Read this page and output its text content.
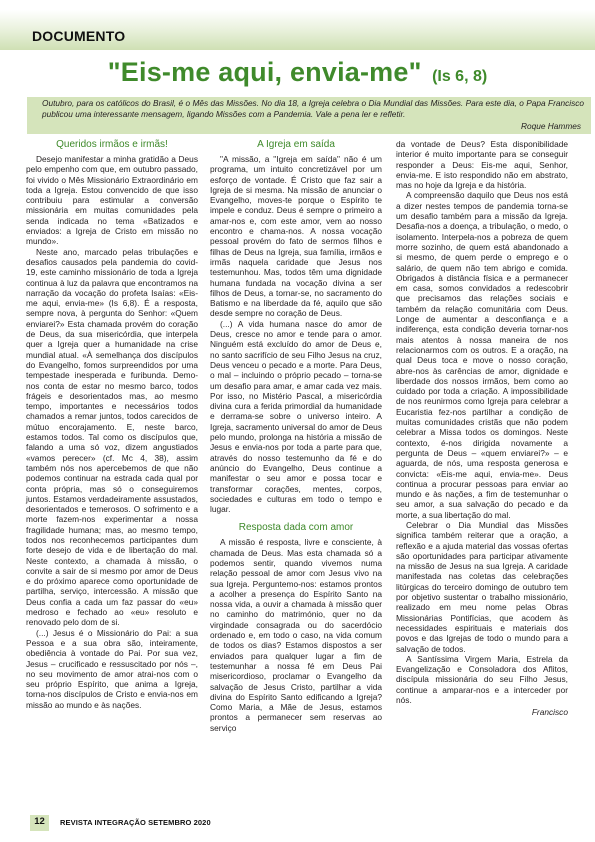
DOCUMENTO
"Eis-me aqui, envia-me" (Is 6, 8)
Outubro, para os católicos do Brasil, é o Mês das Missões. No dia 18, a Igreja celebra o Dia Mundial das Missões. Para este dia, o Papa Francisco publicou uma interessante mensagem, ligando Missões com a Pandemia. Vale a pena ler e refletir.
Roque Hammes
Queridos irmãos e irmãs!

Desejo manifestar a minha gratidão a Deus pelo empenho com que, em outubro passado, foi vivido o Mês Missionário Extraordinário em toda a Igreja. Estou convencido de que isso contribuiu para estimular a conversão missionária em muitas comunidades pela senda indicada no tema «Batizados e enviados: a Igreja de Cristo em missão no mundo».

Neste ano, marcado pelas tribulações e desafios causados pela pandemia do covid-19, este caminho missionário de toda a Igreja continua à luz da palavra que encontramos na narração da vocação do profeta Isaías: «Eis-me aqui, envia-me» (Is 6,8). É a resposta, sempre nova, à pergunta do Senhor: «Quem enviarei?» Esta chamada provém do coração de Deus, da sua misericórdia, que interpela quer a Igreja quer a humanidade na crise mundial atual. «À semelhança dos discípulos do Evangelho, fomos surpreendidos por uma tempestade inesperada e furibunda. Demo-nos conta de estar no mesmo barco, todos frágeis e desorientados mas, ao mesmo tempo, importantes e necessários todos chamados a remar juntos, todos carecidos de mútuo encorajamento. E, neste barco, estamos todos. Tal como os discípulos que, falando a uma só voz, dizem angustiados «vamos perecer» (cf. Mc 4, 38), assim também nós nos apercebemos de que não podemos continuar na estrada cada qual por conta própria, mas só o conseguiremos juntos. Estamos verdadeiramente assustados, desorientados e temerosos. O sofrimento e a morte fazem-nos experimentar a nossa fragilidade humana; mas, ao mesmo tempo, todos nos reconhecemos participantes dum forte desejo de vida e de libertação do mal. Neste contexto, a chamada à missão, o convite a sair de si mesmo por amor de Deus e do próximo aparece como oportunidade de partilha, serviço, intercessão. A missão que Deus confia a cada um faz passar do «eu» medroso e fechado ao «eu» resoluto e renovado pelo dom de si.

(...) Jesus é o Missionário do Pai: a sua Pessoa e a sua obra são, inteiramente, obediência à vontade do Pai. Por sua vez, Jesus – crucificado e ressuscitado por nós –, no seu movimento de amor atrai-nos com o seu próprio Espírito, que anima a Igreja, torna-nos discípulos de Cristo e envia-nos em missão ao mundo e às nações.

A Igreja em saída

"A missão, a "Igreja em saída" não é um programa, um intuito concretizável por um esforço de vontade. É Cristo que faz sair a Igreja de si mesma. Na missão de anunciar o Evangelho, moves-te porque o Espírito te impele e conduz. Deus é sempre o primeiro a amar-nos e, com este amor, vem ao nosso encontro e chama-nos. A nossa vocação pessoal provém do fato de sermos filhos e filhas de Deus na Igreja, sua família, irmãos e irmãs naquela caridade que Jesus nos testemunhou. Mas, todos têm uma dignidade humana fundada na vocação divina a ser filhos de Deus, a tornar-se, no sacramento do Batismo e na liberdade da fé, aquilo que são desde sempre no coração de Deus.

(...) A vida humana nasce do amor de Deus, cresce no amor e tende para o amor. Ninguém está excluído do amor de Deus e, no santo sacrifício de seu Filho Jesus na cruz, Deus venceu o pecado e a morte. Para Deus, o mal – incluindo o próprio pecado – torna-se um desafio para amar, e amar cada vez mais. Por isso, no Mistério Pascal, a misericórdia divina cura a ferida primordial da humanidade e derrama-se sobre o universo inteiro. A Igreja, sacramento universal do amor de Deus pelo mundo, prolonga na história a missão de Jesus e envia-nos por toda a parte para que, através do nosso testemunho da fé e do anúncio do Evangelho, Deus continue a manifestar o seu amor e possa tocar e transformar corações, mentes, corpos, sociedades e culturas em todo o tempo e lugar.

Resposta dada com amor

A missão é resposta, livre e consciente, à chamada de Deus. Mas esta chamada só a podemos sentir, quando vivemos numa relação pessoal de amor com Jesus vivo na sua Igreja. Perguntemo-nos: estamos prontos a acolher a presença do Espírito Santo na nossa vida, a ouvir a chamada à missão quer no caminho do matrimónio, quer no da virgindade consagrada ou do sacerdócio ordenado e, em todo o caso, na vida comum de todos os dias? Estamos dispostos a ser enviados para qualquer lugar a fim de testemunhar a nossa fé em Deus Pai misericordioso, proclamar o Evangelho da salvação de Jesus Cristo, partilhar a vida divina do Espírito Santo edificando a Igreja? Como Maria, a Mãe de Jesus, estamos prontos a permanecer sem reservas ao serviço

da vontade de Deus? Esta disponibilidade interior é muito importante para se conseguir responder a Deus: Eis-me aqui, Senhor, envia-me. E isto respondido não em abstrato, mas no hoje da Igreja e da história.

A compreensão daquilo que Deus nos está a dizer nestes tempos de pandemia torna-se um desafio também para a missão da Igreja. Desafia-nos a doença, a tribulação, o medo, o isolamento. Interpela-nos a pobreza de quem morre sozinho, de quem está abandonado a si mesmo, de quem perde o emprego e o salário, de quem não tem abrigo e comida. Obrigados à distância física e a permanecer em casa, somos convidados a redescobrir que precisamos das relações sociais e também da relação comunitária com Deus. Longe de aumentar a desconfiança e a indiferença, esta condição deveria tornar-nos mais atentos à nossa maneira de nos relacionarmos com os outros. E a oração, na qual Deus toca e move o nosso coração, abre-nos às carências de amor, dignidade e liberdade dos nossos irmãos, bem como ao cuidado por toda a criação. A impossibilidade de nos reunirmos como Igreja para celebrar a Eucaristia fez-nos partilhar a condição de muitas comunidades cristãs que não podem celebrar a Missa todos os domingos. Neste contexto, é-nos dirigida novamente a pergunta de Deus – «quem enviarei?» – e aguarda, de nós, uma resposta generosa e convicta: «Eis-me aqui, envia-me». Deus continua a procurar pessoas para enviar ao mundo e às nações, a fim de testemunhar o seu amor, a sua salvação do pecado e da morte, a sua libertação do mal.

Celebrar o Dia Mundial das Missões significa também reiterar que a oração, a reflexão e a ajuda material das vossas ofertas são oportunidades para participar ativamente na missão de Jesus na sua Igreja. A caridade manifestada nas coletas das celebrações litúrgicas do terceiro domingo de outubro tem por objetivo sustentar o trabalho missionário, realizado em meu nome pelas Obras Missionárias Pontifícias, que acodem às necessidades espirituais e materiais dos povos e das Igrejas de todo o mundo para a salvação de todos.

A Santíssima Virgem Maria, Estrela da Evangelização e Consoladora dos Aflitos, discípula missionária do seu Filho Jesus, continue a amparar-nos e a interceder por nós.

Francisco
12	REVISTA INTEGRAÇÃO SETEMBRO 2020
